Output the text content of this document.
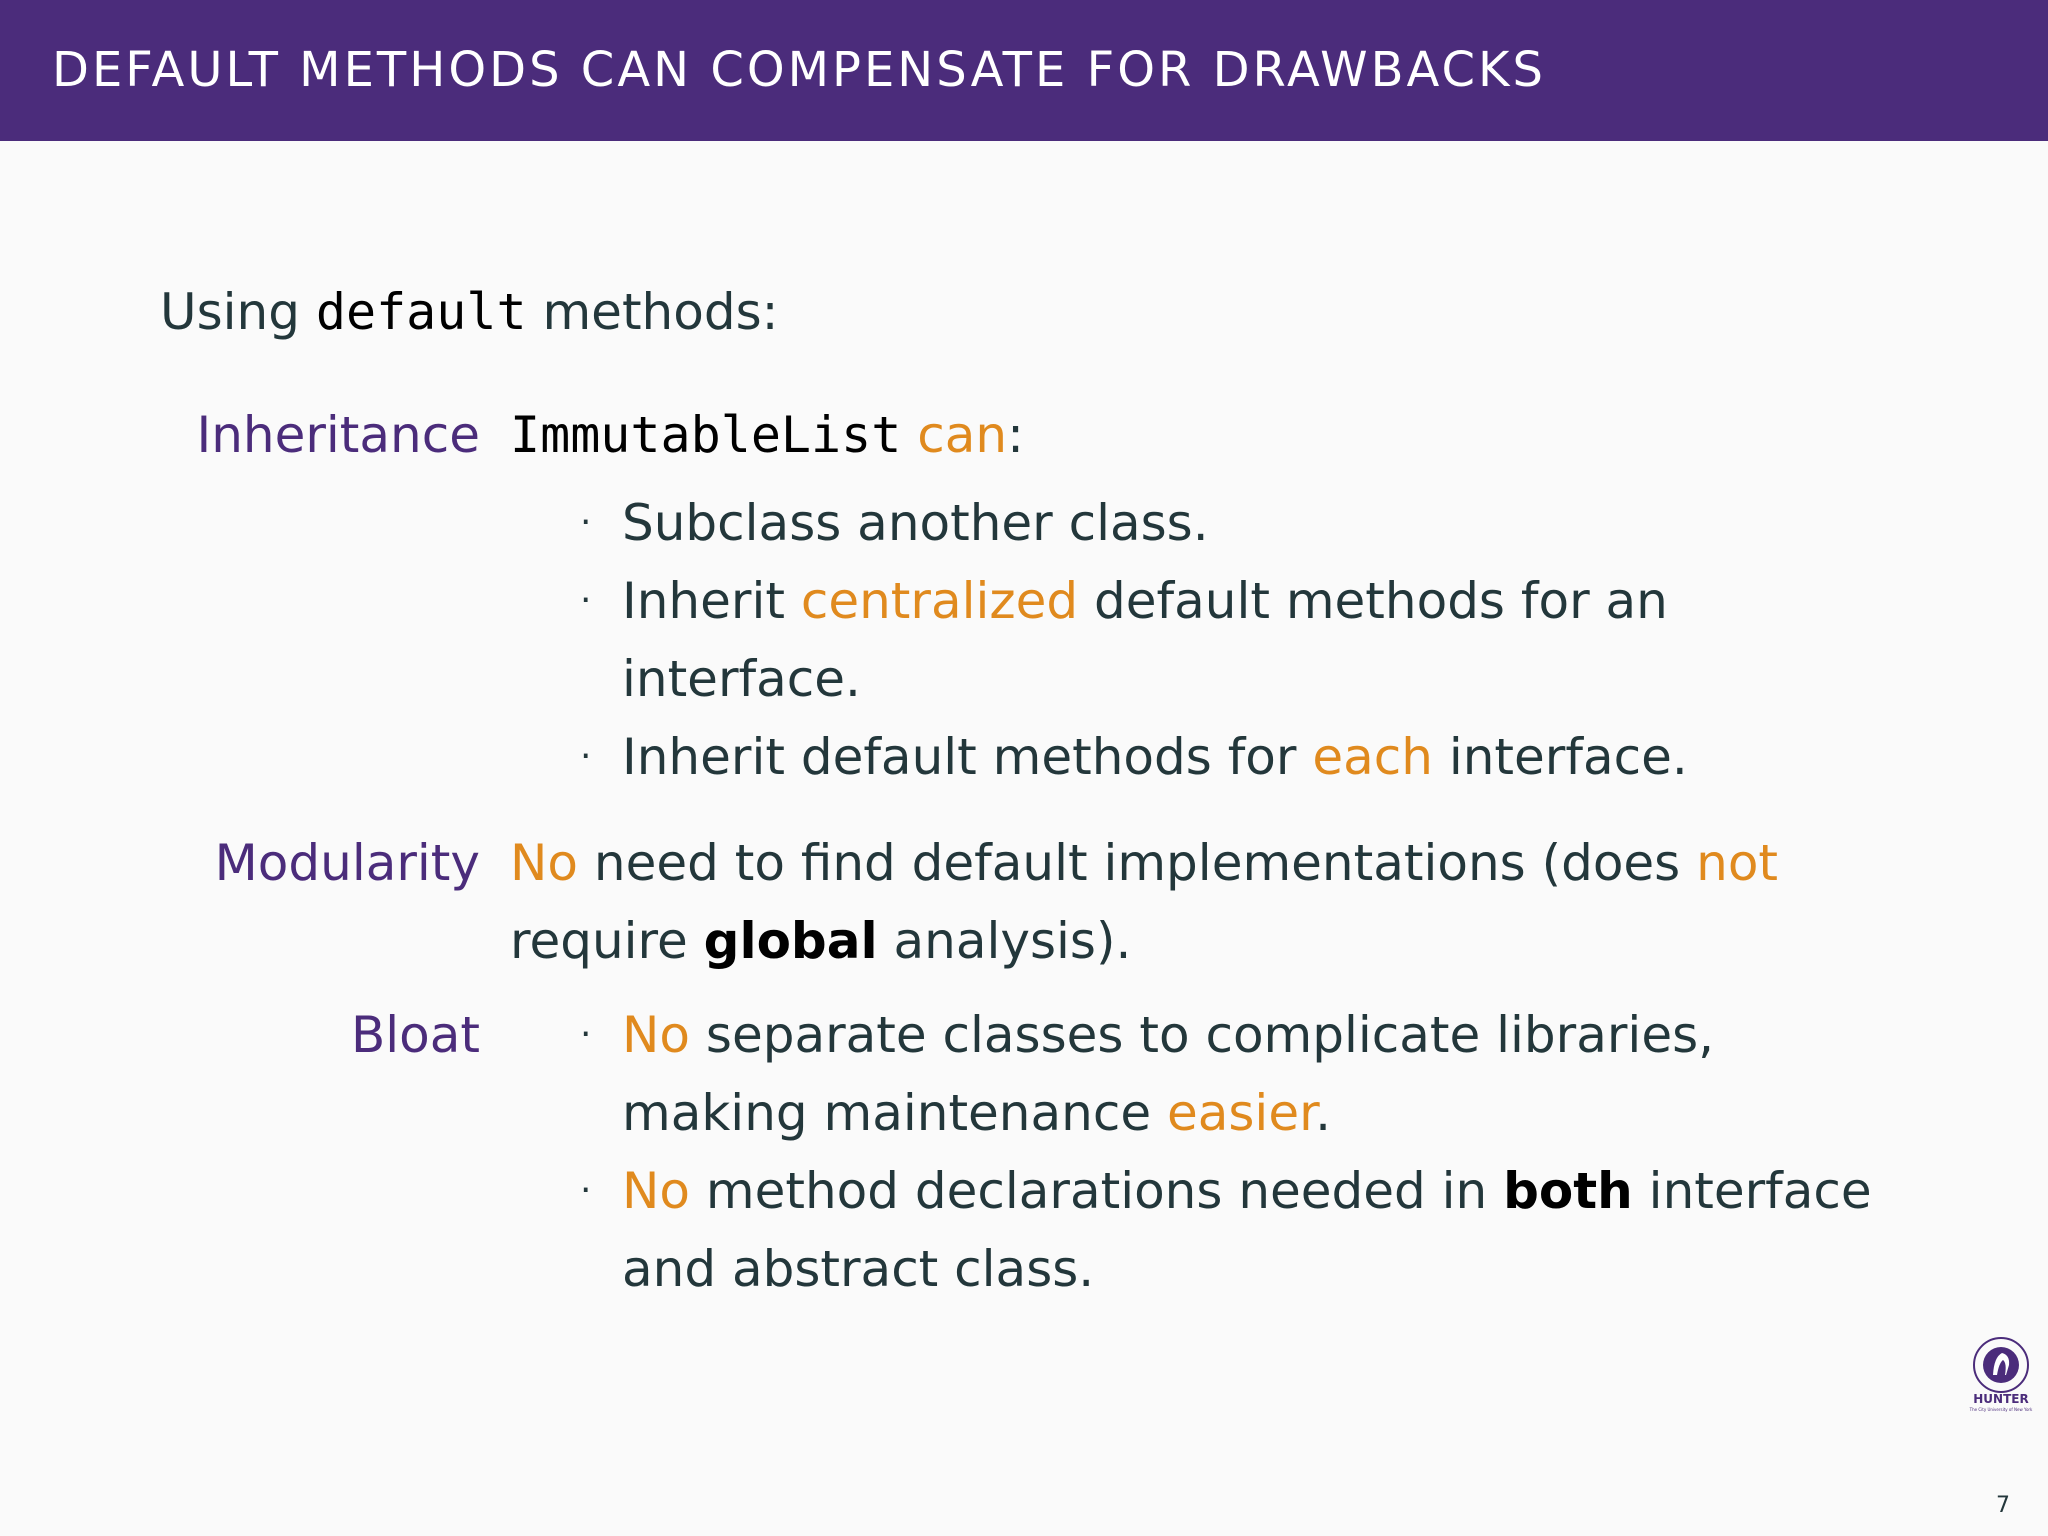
DEFAULT METHODS CAN COMPENSATE FOR DRAWBACKS
Using default methods:
Inheritance ImmutableList can:
· Subclass another class.
· Inherit centralized default methods for an
interface.
· Inherit default methods for each interface.
Modularity No need to find default implementations (does not
require global analysis).
Bloat	· No separate classes to complicate libraries,
making maintenance easier.
· No method declarations needed in both interface
and abstract class.
HUNTER
The City University of New York
7
